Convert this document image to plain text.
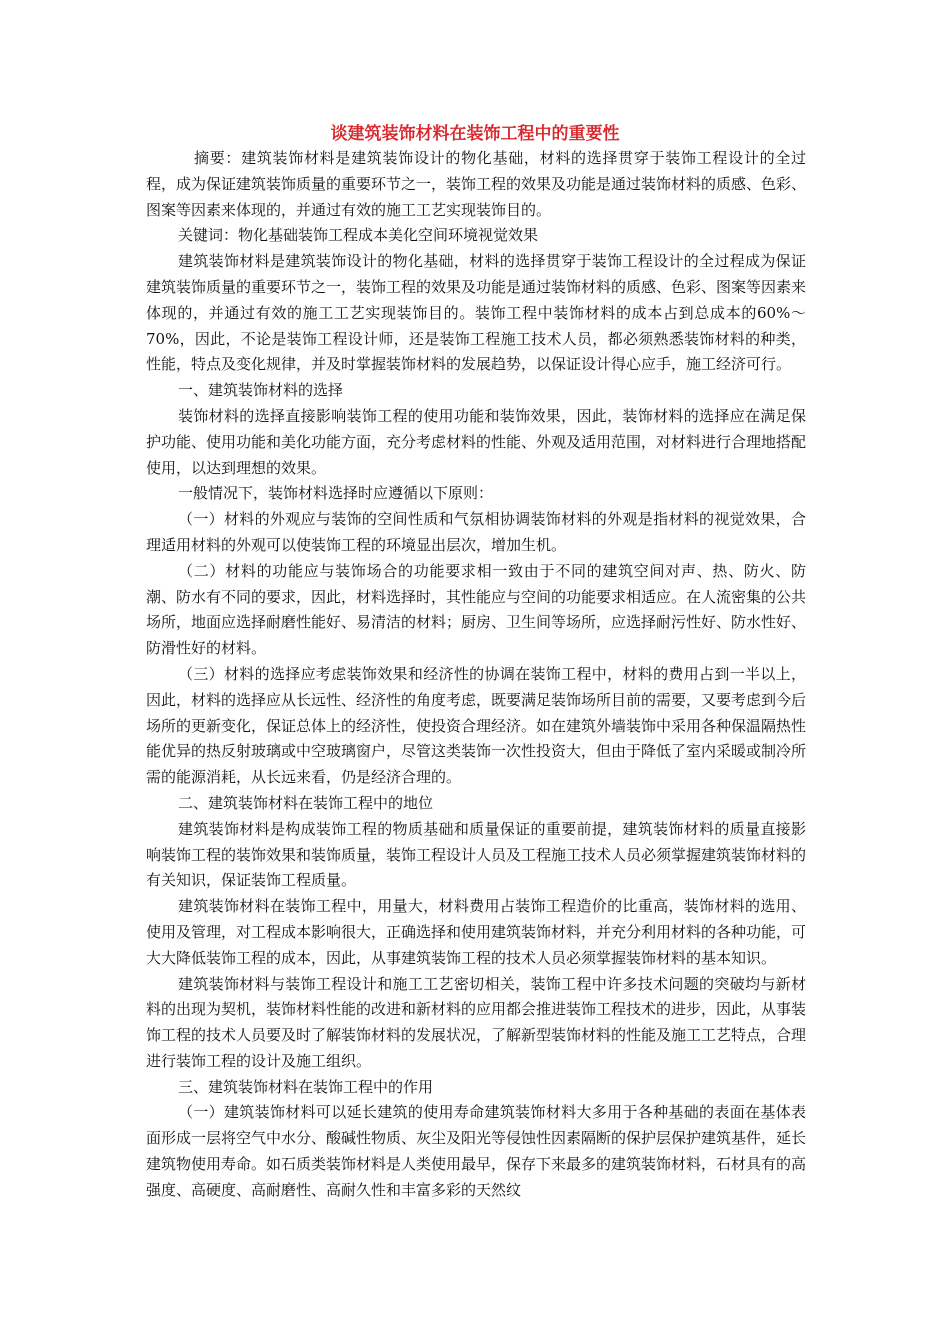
谈建筑装饰材料在装饰工程中的重要性

摘要：建筑装饰材料是建筑装饰设计的物化基础，材料的选择贯穿于装饰工程设计的全过程，成为保证建筑装饰质量的重要环节之一，装饰工程的效果及功能是通过装饰材料的质感、色彩、图案等因素来体现的，并通过有效的施工工艺实现装饰目的。

关键词：物化基础装饰工程成本美化空间环境视觉效果

建筑装饰材料是建筑装饰设计的物化基础，材料的选择贯穿于装饰工程设计的全过程成为保证建筑装饰质量的重要环节之一，装饰工程的效果及功能是通过装饰材料的质感、色彩、图案等因素来体现的，并通过有效的施工工艺实现装饰目的。装饰工程中装饰材料的成本占到总成本的60%～70%，因此，不论是装饰工程设计师，还是装饰工程施工技术人员，都必须熟悉装饰材料的种类，性能，特点及变化规律，并及时掌握装饰材料的发展趋势，以保证设计得心应手，施工经济可行。

一、建筑装饰材料的选择

装饰材料的选择直接影响装饰工程的使用功能和装饰效果，因此，装饰材料的选择应在满足保护功能、使用功能和美化功能方面，充分考虑材料的性能、外观及适用范围，对材料进行合理地搭配使用，以达到理想的效果。

一般情况下，装饰材料选择时应遵循以下原则：

（一）材料的外观应与装饰的空间性质和气氛相协调装饰材料的外观是指材料的视觉效果，合理适用材料的外观可以使装饰工程的环境显出层次，增加生机。

（二）材料的功能应与装饰场合的功能要求相一致由于不同的建筑空间对声、热、防火、防潮、防水有不同的要求，因此，材料选择时，其性能应与空间的功能要求相适应。在人流密集的公共场所，地面应选择耐磨性能好、易清洁的材料；厨房、卫生间等场所，应选择耐污性好、防水性好、防滑性好的材料。

（三）材料的选择应考虑装饰效果和经济性的协调在装饰工程中，材料的费用占到一半以上，因此，材料的选择应从长远性、经济性的角度考虑，既要满足装饰场所目前的需要，又要考虑到今后场所的更新变化，保证总体上的经济性，使投资合理经济。如在建筑外墙装饰中采用各种保温隔热性能优异的热反射玻璃或中空玻璃窗户，尽管这类装饰一次性投资大，但由于降低了室内采暖或制冷所需的能源消耗，从长远来看，仍是经济合理的。

二、建筑装饰材料在装饰工程中的地位

建筑装饰材料是构成装饰工程的物质基础和质量保证的重要前提，建筑装饰材料的质量直接影响装饰工程的装饰效果和装饰质量，装饰工程设计人员及工程施工技术人员必须掌握建筑装饰材料的有关知识，保证装饰工程质量。

建筑装饰材料在装饰工程中，用量大，材料费用占装饰工程造价的比重高，装饰材料的选用、使用及管理，对工程成本影响很大，正确选择和使用建筑装饰材料，并充分利用材料的各种功能，可大大降低装饰工程的成本，因此，从事建筑装饰工程的技术人员必须掌握装饰材料的基本知识。

建筑装饰材料与装饰工程设计和施工工艺密切相关，装饰工程中许多技术问题的突破均与新材料的出现为契机，装饰材料性能的改进和新材料的应用都会推进装饰工程技术的进步，因此，从事装饰工程的技术人员要及时了解装饰材料的发展状况，了解新型装饰材料的性能及施工工艺特点，合理进行装饰工程的设计及施工组织。

三、建筑装饰材料在装饰工程中的作用

（一）建筑装饰材料可以延长建筑的使用寿命建筑装饰材料大多用于各种基础的表面在基体表面形成一层将空气中水分、酸碱性物质、灰尘及阳光等侵蚀性因素隔断的保护层保护建筑基件，延长建筑物使用寿命。如石质类装饰材料是人类使用最早，保存下来最多的建筑装饰材料，石材具有的高强度、高硬度、高耐磨性、高耐久性和丰富多彩的天然纹
